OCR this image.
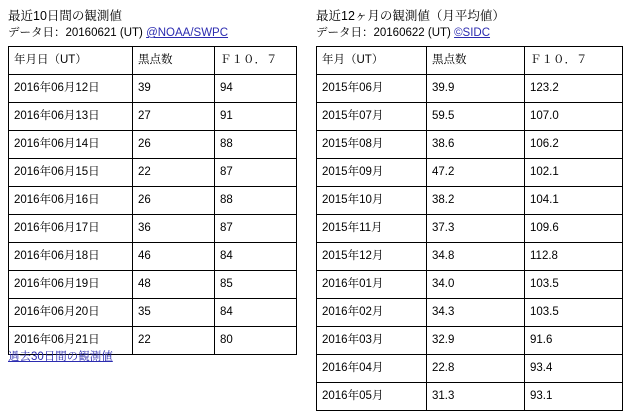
最近10日間の観測値
データ日：20160621 (UT) @NOAA/SWPC
年月日（UT）	黒点数	Ｆ１０．７
2016年06月12日	39	94
2016年06月13日	27	91
2016年06月14日	26	88
2016年06月15日	22	87
2016年06月16日	26	88
2016年06月17日	36	87
2016年06月18日	46	84
2016年06月19日	48	85
2016年06月20日	35	84
2016年06月21日	22	80
最近12ヶ月の観測値（月平均値）
データ日：20160622 (UT) ©SIDC
年月（UT）	黒点数	Ｆ１０．７
2015年06月	39.9	123.2
2015年07月	59.5	107.0
2015年08月	38.6	106.2
2015年09月	47.2	102.1
2015年10月	38.2	104.1
2015年11月	37.3	109.6
2015年12月	34.8	112.8
2016年01月	34.0	103.5
2016年02月	34.3	103.5
2016年03月	32.9	91.6
2016年04月	22.8	93.4
2016年05月	31.3	93.1
過去30日間の観測値
